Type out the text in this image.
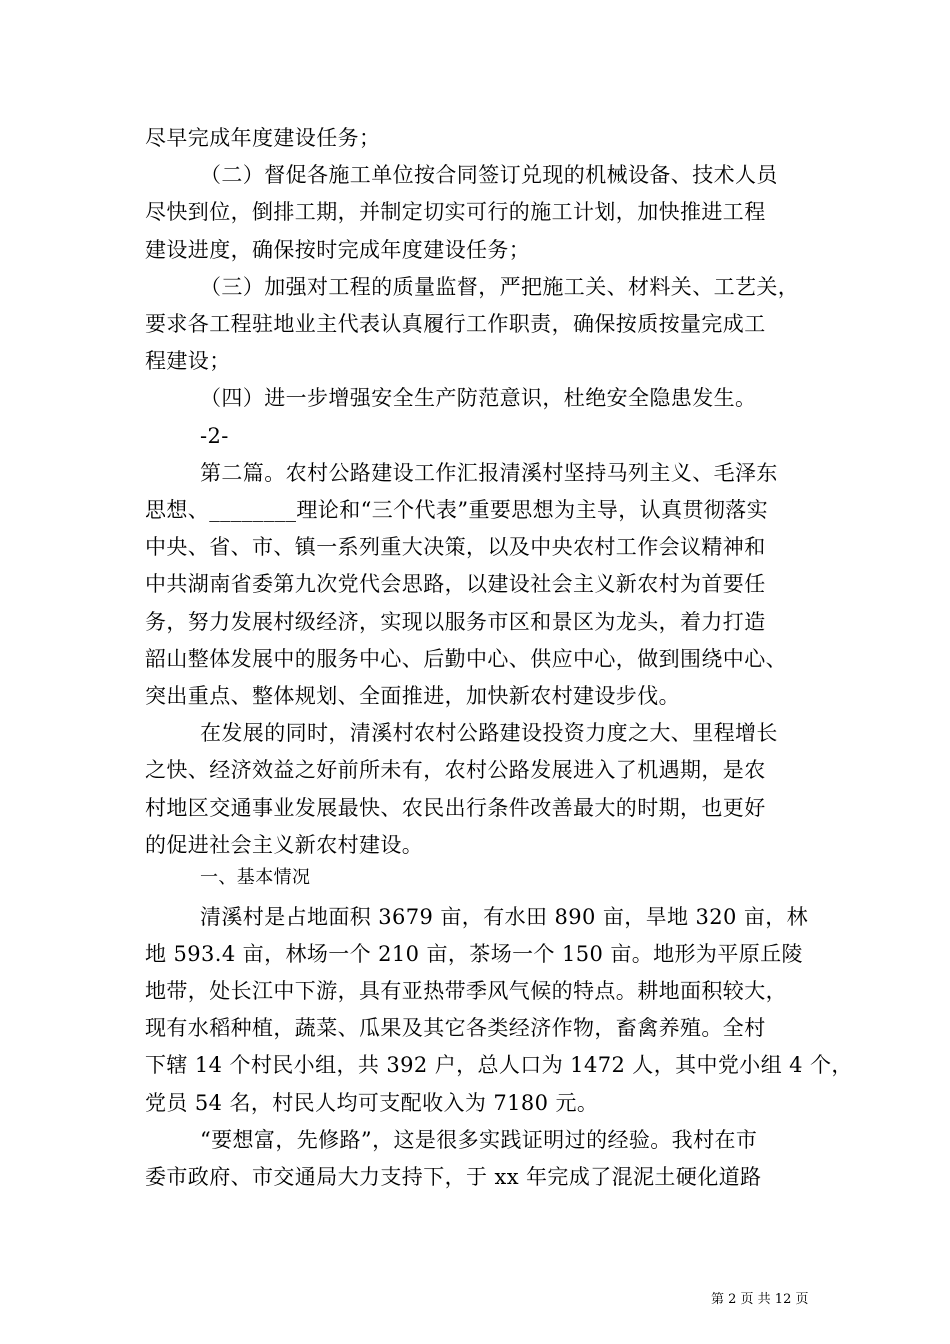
尽早完成年度建设任务；
（二）督促各施工单位按合同签订兑现的机械设备、技术人员
尽快到位，倒排工期，并制定切实可行的施工计划，加快推进工程
建设进度，确保按时完成年度建设任务；
（三）加强对工程的质量监督，严把施工关、材料关、工艺关，
要求各工程驻地业主代表认真履行工作职责，确保按质按量完成工
程建设；
（四）进一步增强安全生产防范意识，杜绝安全隐患发生。
-2-
第二篇。农村公路建设工作汇报清溪村坚持马列主义、毛泽东
思想、________理论和“三个代表”重要思想为主导，认真贯彻落实
中央、省、市、镇一系列重大决策，以及中央农村工作会议精神和
中共湖南省委第九次党代会思路，以建设社会主义新农村为首要任
务，努力发展村级经济，实现以服务市区和景区为龙头，着力打造
韶山整体发展中的服务中心、后勤中心、供应中心，做到围绕中心、
突出重点、整体规划、全面推进，加快新农村建设步伐。
在发展的同时，清溪村农村公路建设投资力度之大、里程增长
之快、经济效益之好前所未有，农村公路发展进入了机遇期，是农
村地区交通事业发展最快、农民出行条件改善最大的时期，也更好
的促进社会主义新农村建设。
一、基本情况
清溪村是占地面积 3679 亩，有水田 890 亩，旱地 320 亩，林
地 593.4 亩，林场一个 210 亩，茶场一个 150 亩。地形为平原丘陵
地带，处长江中下游，具有亚热带季风气候的特点。耕地面积较大，
现有水稻种植，蔬菜、瓜果及其它各类经济作物，畜禽养殖。全村
下辖 14 个村民小组，共 392 户，总人口为 1472 人，其中党小组 4 个，
党员 54 名，村民人均可支配收入为 7180 元。
“要想富，先修路”，这是很多实践证明过的经验。我村在市
委市政府、市交通局大力支持下，于 xx 年完成了混泥土硬化道路
第 2 页 共 12 页
